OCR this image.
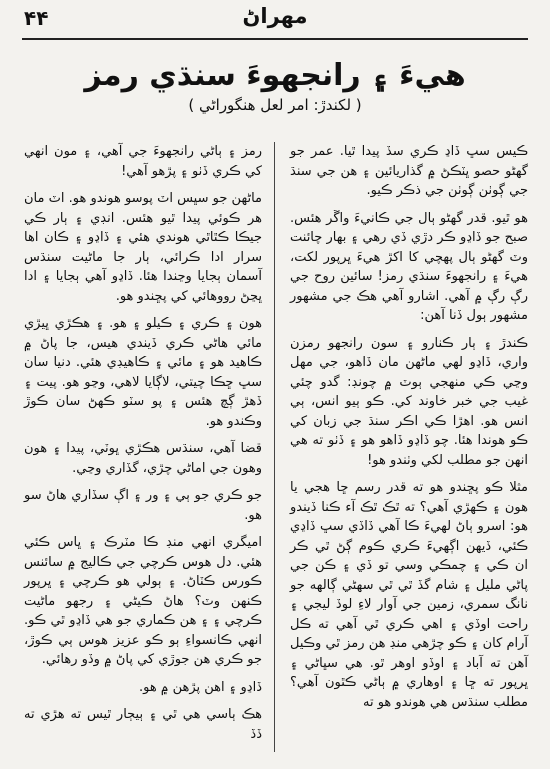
۴۴	مهراڻ
هيءَ ۽ رانجهوءَ سنڌي رمز
( لکندڙ: امر لعل هنگوراڻي )

ڪيس سڀ ڏاڍ ڪري سڏ پيدا ٿيا. عمر جو گهڻو حصو ڀٽڪڻ ۾ گذاريائين ۽ هن جي سنڌ جي ڳوٺن ڳوٺن جي ذڪر ڪيو.

هو ٿيو. قدر گهڻو ٻال جي ڪانيءَ واڱر هئس. صبح جو ڏاڍو ڪر دڙي ڏي رهي ۽ بهار چائنت وٽ گهڻو ٻال پهچي کا اکڙ هيءَ ڀرپور لکت، هيءَ ۽ رانجهوءَ سنڌي رمز! سائين روح جي رڳ رڳ ۾ آهي. اشارو آهي هڪ جي مشهور مشهور ٻول ڏنا آهن:

ڪندڙ ۽ ٻار ڪنارو ۽ سون رانجهو رمزن واري، ڏاڍو لهي ماڻهن مان ڏاهو، جي مهل وڃي ڪي منهجي ٻوٽ ۾ چونڊ: گدو چئي غيب جي خبر خاوند کي. ڪو ٻيو انس، ٻي انس هو. اهڙا ڪي اڪر سنڌ جي زبان کي ڪو هوندا هئا. چو ڏاڍو ڏاهو هو ۽ ڏٺو ته هي انهن جو مطلب لکي وٺندو هو!

مثلا ڪو پڇندو هو ته قدر رسم ڇا هجي يا هون ۽ ڪهڙي آهي؟ ته ٿڪ ٿڪ آء ڪنا ڏيندو هو: اسرو ٻاڻ لهيءَ ڪا آهي ڏاڏي سڀ ڏاڍي ڪئي، ڏيهن اڳهيءَ ڪري ڪوم ڳڻ ٿي ڪر ان ڪي ۽ چمڪي وسي تو ڏي ۽ ڪن جي پاڻي مليل ۽ شام گڏ ٿي ٿي سهڻي ڳالهه جو نانگ سمري، زمين جي آوار لاءِ لوڏ ليجي ۽ راحت اوڏي ۽ اهي ڪري ٿي آهي ته ڪل آرام کان ۽ ڪو چڙهي منڊ هن رمز ٿي وڪيل آهن ته آباد ۽ اوڏو اوهر ٿو. هي سڀاڻي ۽ ڀرپور ته ڇا ۽ اوهاري ۾ ٻاڻي ڪٿون آهي؟ مطلب سنڌس هي هوندو هو ته

رمز ۽ ٻاڻي رانجهوءَ جي آهي، ۽ مون انهي کي ڪري ڏٺو ۽ پڙهو آهي!

ماڻهن جو سڀس اٽ پوسو هوندو هو. اٽ مان هر ڪوئي پيدا ٿيو هئس. انڊي ۽ ٻار ڪي جيڪا ڪٿاٿي هوندي هئي ۽ ڏاڍو ۽ ڪان اها سرار ادا ڪرائي، ٻار جا ماڻيت سنڌس آسمان ٻجايا وڃندا هئا. ڏاڍو آهي ٻجايا ۽ ادا ڀڃڻ رووهائي کي پڇندو هو.

هون ۽ ڪري ۽ ڪيلو ۽ هو. ۽ هڪڙي ڀيڙي مائي هاڻي ڪري ڏيندي هيس، جا پاڻ ۾ ڪاهيد هو ۽ مائي ۽ ڪاهيڊي هئي. دنيا سان سڀ ڇڪا چيتي، لاڳايا لاهي، وڃو هو. پيت ۽ ڏهڙ ڳچ هئس ۽ پو سٽو ڪهڻ سان ڪوڙ وڪندو هو.

قضا آهي، سنڌس هڪڙي ڀوٽي، پيدا ۽ هون وهون جي اماڻي چڙي، گڏاري وڃي.

جو ڪري جو ٻي ۽ ور ۽ اڳ سڏاري هاڻ سو هو.

اميگري انهي منڊ ڪا مٽرڪ ۽ ڀاس ڪئي هئي. دل هوس ڪرچي جي ڪاليج ۾ سائنس ڪورس ڪٽاڻ. ۽ ٻولي هو ڪرچي ۽ ڀرپور ڪنهن وٽ؟ هاڻ ڪيڻي ۽ رجهو ماڻيت ڪرچي ۽ ۽ هن ڪماري جو هي ڏاڍو ٿي ڪو. انهي ڪانسواءِ ٻو ڪو عزيز هوس ٻي ڪوڙ، جو ڪري هن جوڙي کي پاڻ ۾ وڏو رهائي.

ڏاڍو ۽ اهن پڙهن ۾ هو.

هڪ ٻاسي هي ٿي ۽ ٻيڄار ٿيس ته هڙي ته ڏڏ
